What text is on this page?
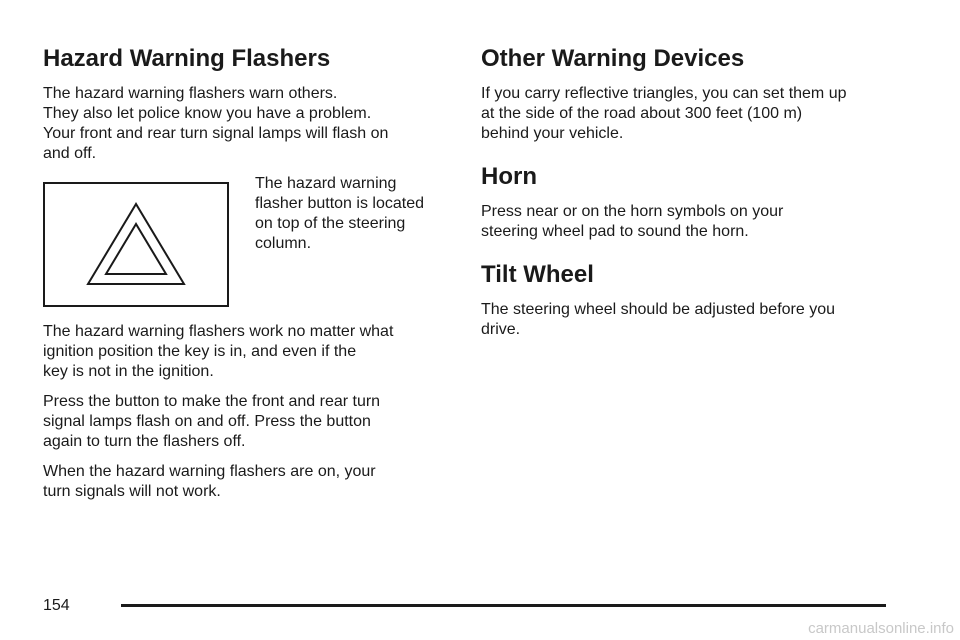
Hazard Warning Flashers

The hazard warning flashers warn others.
They also let police know you have a problem.
Your front and rear turn signal lamps will flash on
and off.

The hazard warning
flasher button is located
on top of the steering
column.

The hazard warning flashers work no matter what
ignition position the key is in, and even if the
key is not in the ignition.

Press the button to make the front and rear turn
signal lamps flash on and off. Press the button
again to turn the flashers off.

When the hazard warning flashers are on, your
turn signals will not work.

Other Warning Devices

If you carry reflective triangles, you can set them up
at the side of the road about 300 feet (100 m)
behind your vehicle.

Horn

Press near or on the horn symbols on your
steering wheel pad to sound the horn.

Tilt Wheel

The steering wheel should be adjusted before you
drive.

154
carmanualsonline.info
